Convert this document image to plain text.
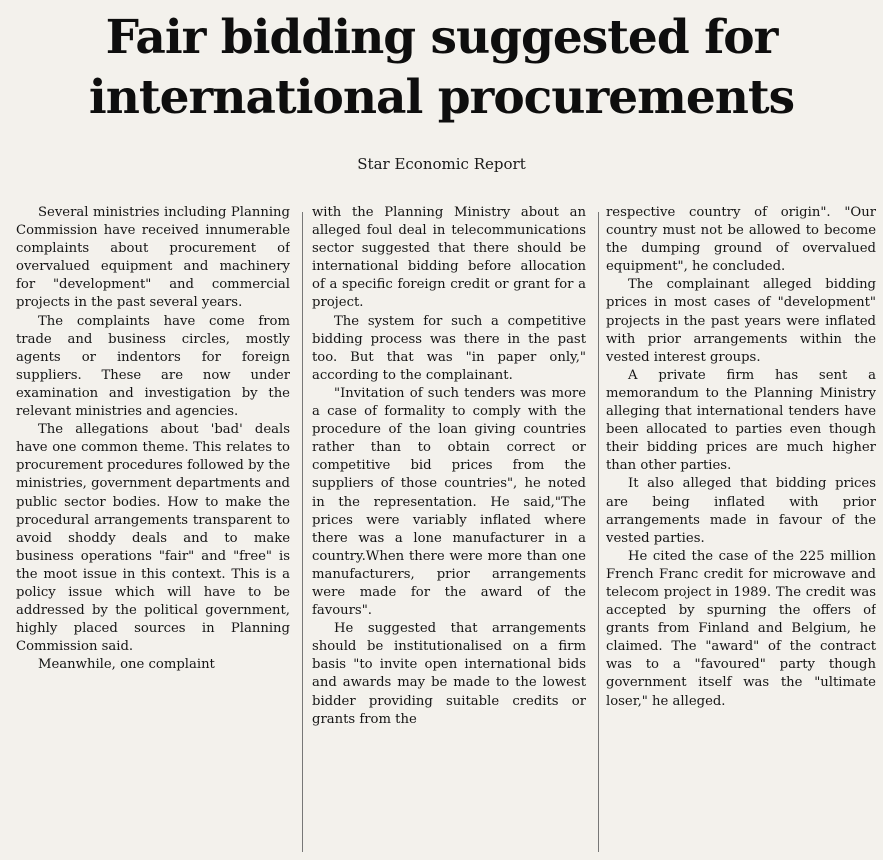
Fair bidding suggested for international procurements
Star Economic Report

Several ministries including Planning Commission have received innumerable complaints about procurement of overvalued equipment and machinery for "development" and commercial projects in the past several years.

The complaints have come from trade and business circles, mostly agents or indentors for foreign suppliers. These are now under examination and investigation by the relevant ministries and agencies.

The allegations about 'bad' deals have one common theme. This relates to procurement procedures followed by the ministries, government departments and public sector bodies. How to make the procedural arrangements transparent to avoid shoddy deals and to make business operations "fair" and "free" is the moot issue in this context. This is a policy issue which will have to be addressed by the political government, highly placed sources in Planning Commission said.

Meanwhile, one complaint

with the Planning Ministry about an alleged foul deal in telecommunications sector suggested that there should be international bidding before allocation of a specific foreign credit or grant for a project.

The system for such a competitive bidding process was there in the past too. But that was "in paper only," according to the complainant.

"Invitation of such tenders was more a case of formality to comply with the procedure of the loan giving countries rather than to obtain correct or competitive bid prices from the suppliers of those countries", he noted in the representation. He said,"The prices were variably inflated where there was a lone manufacturer in a country.When there were more than one manufacturers, prior arrangements were made for the award of the favours".

He suggested that arrangements should be institutionalised on a firm basis "to invite open international bids and awards may be made to the lowest bidder providing suitable credits or grants from the

respective country of origin". "Our country must not be allowed to become the dumping ground of overvalued equipment", he concluded.

The complainant alleged bidding prices in most cases of "development" projects in the past years were inflated with prior arrangements within the vested interest groups.

A private firm has sent a memorandum to the Planning Ministry alleging that international tenders have been allocated to parties even though their bidding prices are much higher than other parties.

It also alleged that bidding prices are being inflated with prior arrangements made in favour of the vested parties.

He cited the case of the 225 million French Franc credit for microwave and telecom project in 1989. The credit was accepted by spurning the offers of grants from Finland and Belgium, he claimed. The "award" of the contract was to a "favoured" party though government itself was the "ultimate loser," he alleged.
